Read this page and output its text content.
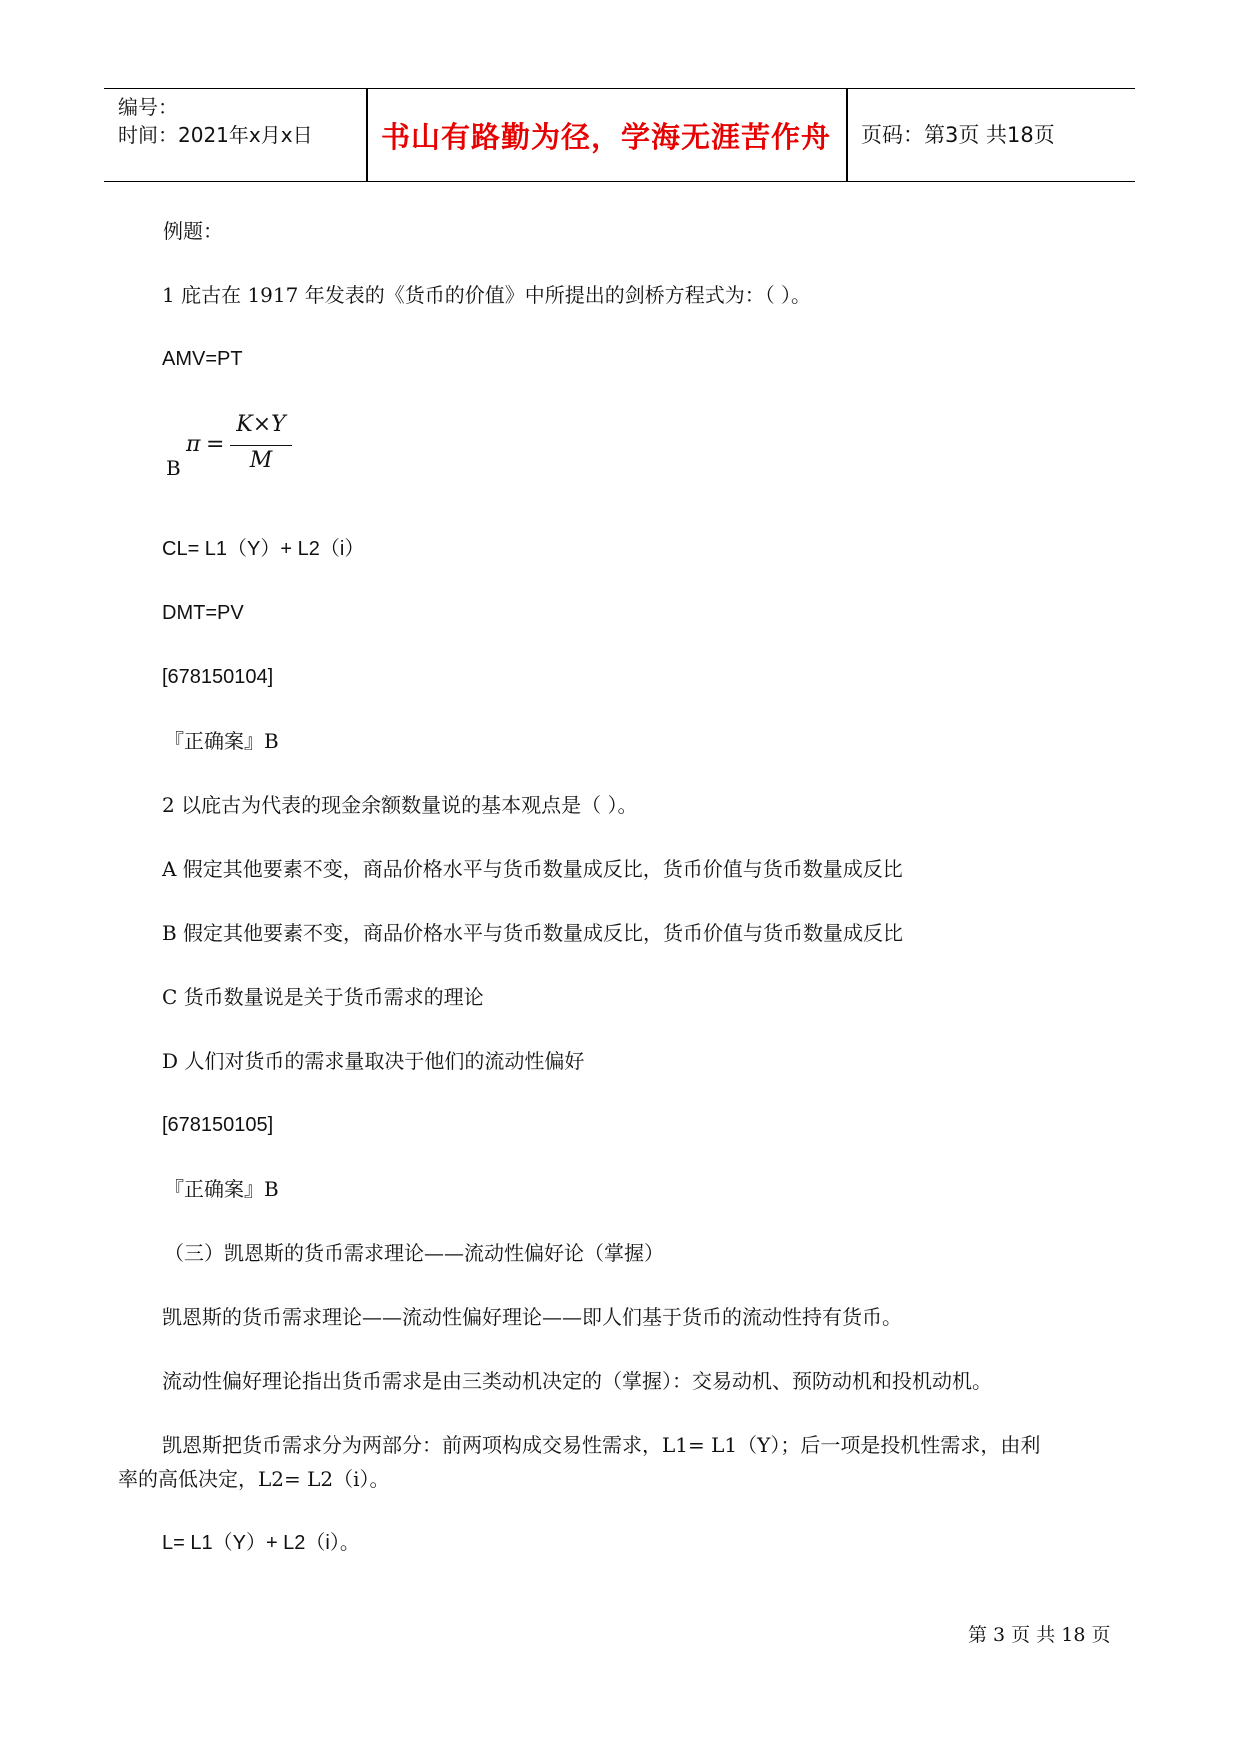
编号：
时间：2021年x月x日	书山有路勤为径，学海无涯苦作舟	页码：第3页 共18页
例题：
1 庇古在 1917 年发表的《货币的价值》中所提出的剑桥方程式为：（ ）。
AMV=PT
B
π =
K×Y
M
CL= L1（Y）+ L2（i）
DMT=PV
[678150104]
『正确案』B
2 以庇古为代表的现金余额数量说的基本观点是（ ）。
A 假定其他要素不变，商品价格水平与货币数量成反比，货币价值与货币数量成反比
B 假定其他要素不变，商品价格水平与货币数量成反比，货币价值与货币数量成反比
C 货币数量说是关于货币需求的理论
D 人们对货币的需求量取决于他们的流动性偏好
[678150105]
『正确案』B
（三）凯恩斯的货币需求理论——流动性偏好论（掌握）
凯恩斯的货币需求理论——流动性偏好理论——即人们基于货币的流动性持有货币。
流动性偏好理论指出货币需求是由三类动机决定的（掌握）：交易动机、预防动机和投机动机。
凯恩斯把货币需求分为两部分：前两项构成交易性需求，L1= L1（Y）；后一项是投机性需求，由利
率的高低决定，L2= L2（i）。
L= L1（Y）+ L2（i）。
第 3 页 共 18 页
